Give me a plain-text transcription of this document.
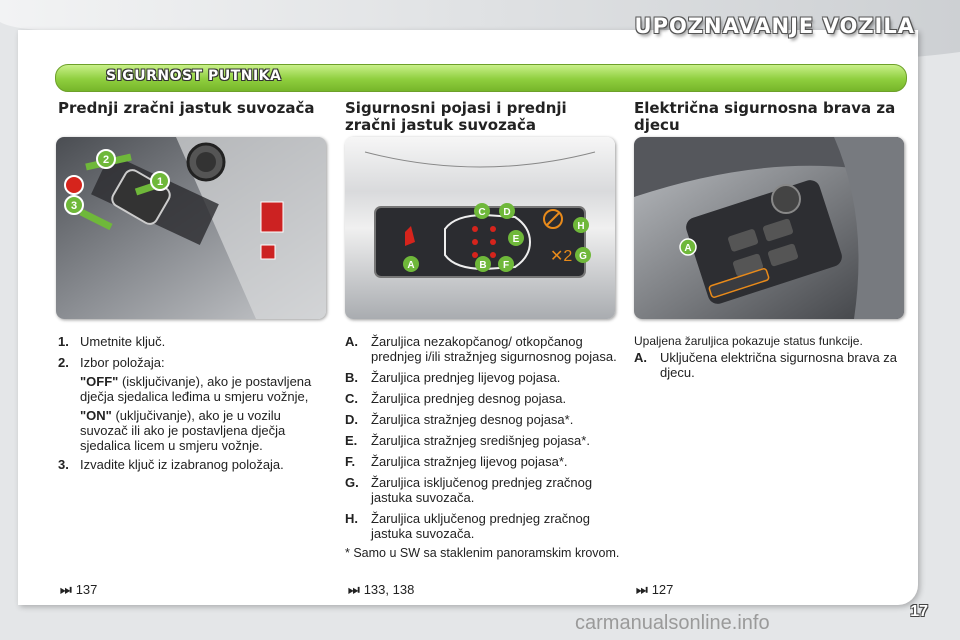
UPOZNAVANJE VOZILA
SIGURNOST PUTNIKA
Prednji zračni jastuk suvozača	Sigurnosni pojasi i prednji zračni jastuk suvozača
Električna sigurnosna brava za djecu
2
1
3
✕2
A	B
C D
E
F
G
H
A
1. Umetnite ključ.
2. Izbor položaja:
"OFF" (isključivanje), ako je postavljena dječja sjedalica leđima u smjeru vožnje,
"ON" (uključivanje), ako je u vozilu suvozač ili ako je postavljena dječja sjedalica licem u smjeru vožnje.
3. Izvadite ključ iz izabranog položaja.
A.	Žaruljica nezakopčanog/ otkopčanog prednjeg i/ili stražnjeg sigurnosnog pojasa.
B.	Žaruljica prednjeg lijevog pojasa.
C.	Žaruljica prednjeg desnog pojasa.
D.	Žaruljica stražnjeg desnog pojasa*.
E.	Žaruljica stražnjeg središnjeg pojasa*.
F.	Žaruljica stražnjeg lijevog pojasa*.
G. Žaruljica isključenog prednjeg zračnog jastuka suvozača.
H.	Žaruljica uključenog prednjeg zračnog jastuka suvozača.
* Samo u SW sa staklenim panoramskim krovom.
Upaljena žaruljica pokazuje status funkcije.
A.	Uključena električna sigurnosna brava za djecu.
⏭ 137	⏭ 133, 138	⏭ 127
17
carmanualsonline.info
